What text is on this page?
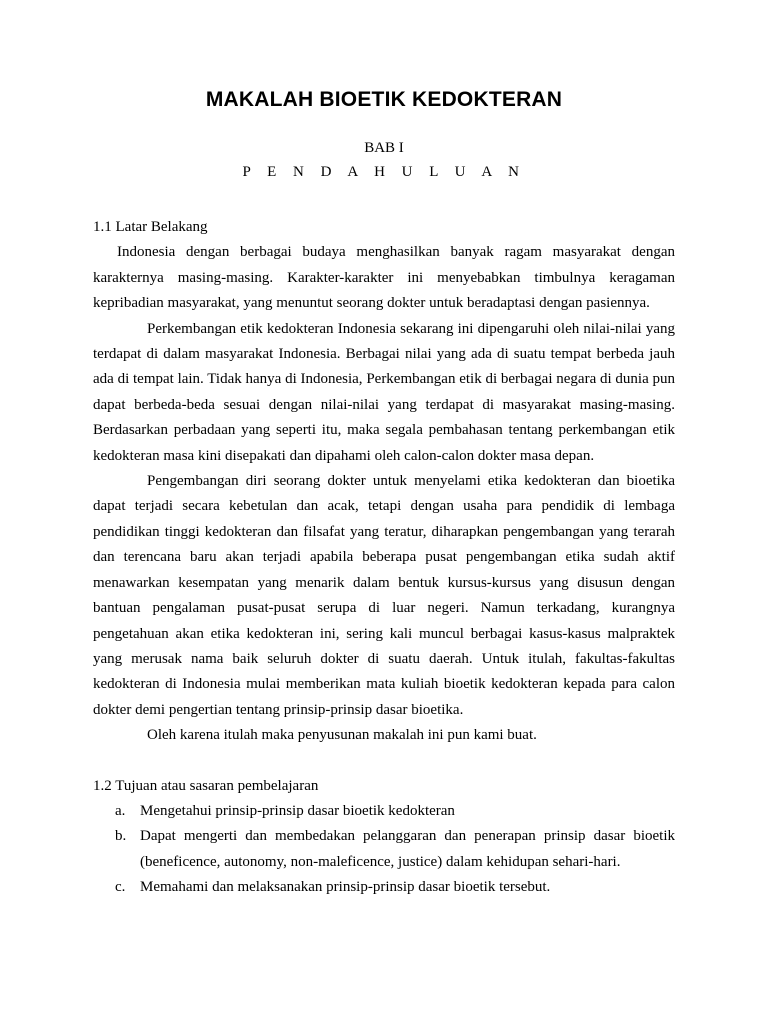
MAKALAH BIOETIK KEDOKTERAN
BAB I
P E N D A H U L U A N

1.1 Latar Belakang

Indonesia dengan berbagai budaya menghasilkan banyak ragam masyarakat dengan karakternya masing-masing. Karakter-karakter ini menyebabkan timbulnya keragaman kepribadian masyarakat, yang menuntut seorang dokter untuk beradaptasi dengan pasiennya.

Perkembangan etik kedokteran Indonesia sekarang ini dipengaruhi oleh nilai-nilai yang terdapat di dalam masyarakat Indonesia. Berbagai nilai yang ada di suatu tempat berbeda jauh ada di tempat lain. Tidak hanya di Indonesia, Perkembangan etik di berbagai negara di dunia pun dapat berbeda-beda sesuai dengan nilai-nilai yang terdapat di masyarakat masing-masing. Berdasarkan perbadaan yang seperti itu, maka segala pembahasan tentang perkembangan etik kedokteran masa kini disepakati dan dipahami oleh calon-calon dokter masa depan.

Pengembangan diri seorang dokter untuk menyelami etika kedokteran dan bioetika dapat terjadi secara kebetulan dan acak, tetapi dengan usaha para pendidik di lembaga pendidikan tinggi kedokteran dan filsafat yang teratur, diharapkan pengembangan yang terarah dan terencana baru akan terjadi apabila beberapa pusat pengembangan etika sudah aktif menawarkan kesempatan yang menarik dalam bentuk kursus-kursus yang disusun dengan bantuan pengalaman pusat-pusat serupa di luar negeri. Namun terkadang, kurangnya pengetahuan akan etika kedokteran ini, sering kali muncul berbagai kasus-kasus malpraktek yang merusak nama baik seluruh dokter di suatu daerah. Untuk itulah, fakultas-fakultas kedokteran di Indonesia mulai memberikan mata kuliah bioetik kedokteran kepada para calon dokter demi pengertian tentang prinsip-prinsip dasar bioetika.

Oleh karena itulah maka penyusunan makalah ini pun kami buat.

1.2 Tujuan atau sasaran pembelajaran

a. Mengetahui prinsip-prinsip dasar bioetik kedokteran
b. Dapat mengerti dan membedakan pelanggaran dan penerapan prinsip dasar bioetik (beneficence, autonomy, non-maleficence, justice) dalam kehidupan sehari-hari.
c. Memahami dan melaksanakan prinsip-prinsip dasar bioetik tersebut.
